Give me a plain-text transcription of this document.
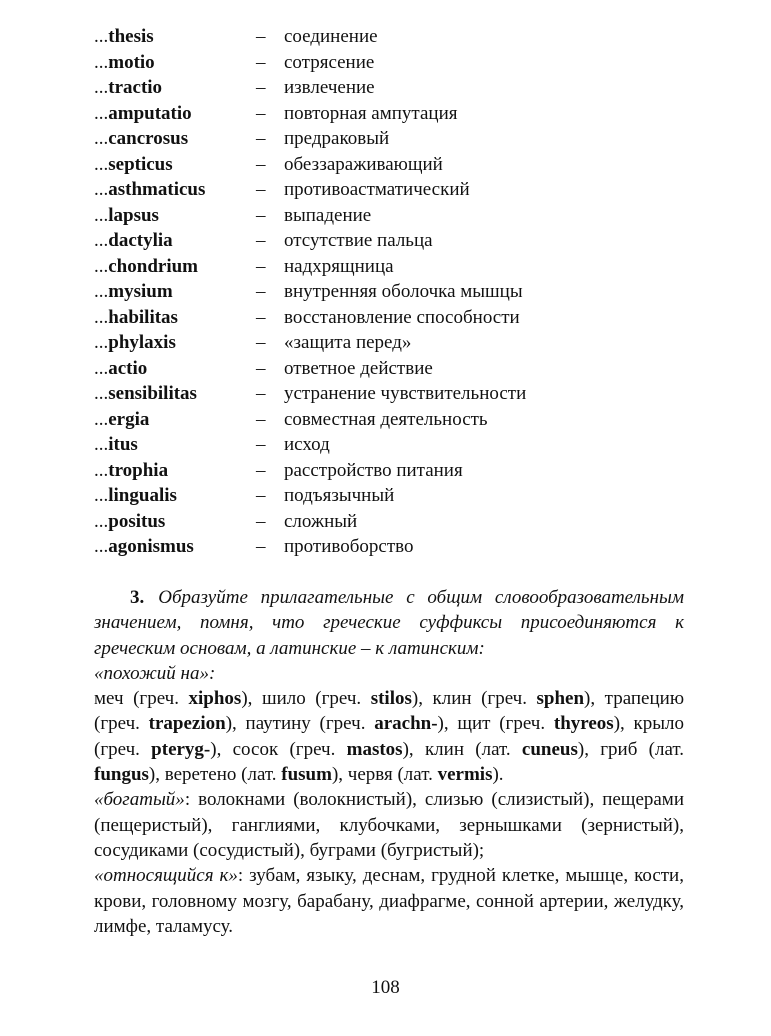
...thesis	– соединение
...motio	– сотрясение
...tractio	– извлечение
...amputatio	– повторная ампутация
...cancrosus	– предраковый
...septicus	– обеззараживающий
...asthmaticus	– противоастматический
...lapsus	– выпадение
...dactylia	– отсутствие пальца
...chondrium	– надхрящница
...mysium	– внутренняя оболочка мышцы
...habilitas	– восстановление способности
...phylaxis	– «защита перед»
...actio	– ответное действие
...sensibilitas	– устранение чувствительности
...ergia	– совместная деятельность
...itus	– исход
...trophia	– расстройство питания
...lingualis	– подъязычный
...positus	– сложный
...agonismus	– противоборство

3. Образуйте прилагательные с общим словообразовательным значением, помня, что греческие суффиксы присоединяются к греческим основам, а латинские – к латинским:

«похожий на»:

меч (греч. xiphos), шило (греч. stilos), клин (греч. sphen), трапецию (греч. trapezion), паутину (греч. arachn-), щит (греч. thyreos), крыло (греч. pteryg-), сосок (греч. mastos), клин (лат. cuneus), гриб (лат. fungus), веретено (лат. fusum), червя (лат. vermis).

«богатый»: волокнами (волокнистый), слизью (слизистый), пещерами (пещеристый), ганглиями, клубочками, зернышками (зернистый), сосудиками (сосудистый), буграми (бугристый);

«относящийся к»: зубам, языку, деснам, грудной клетке, мышце, кости, крови, головному мозгу, барабану, диафрагме, сонной артерии, желудку, лимфе, таламусу.

108
